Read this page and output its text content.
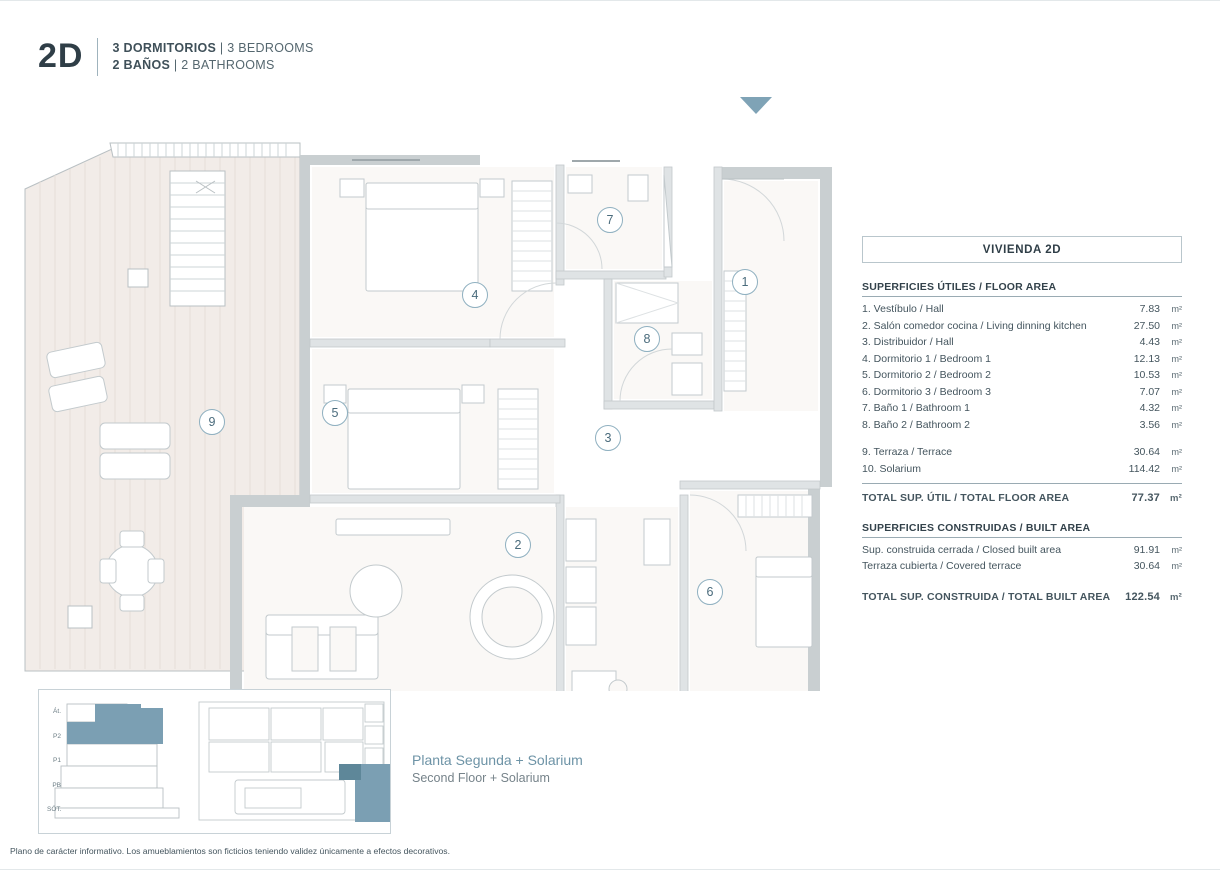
2D 3 DORMITORIOS | 3 BEDROOMS
2 BAÑOS | 2 BATHROOMS
1
2
3
4
5
6
7
8
9
VIVIENDA 2D
SUPERFICIES ÚTILES / FLOOR AREA
1. Vestíbulo / Hall	7.83	m²
2. Salón comedor cocina / Living dinning kitchen	27.50	m²
3. Distribuidor / Hall	4.43	m²
4. Dormitorio 1 / Bedroom 1	12.13	m²
5. Dormitorio 2 / Bedroom 2	10.53	m²
6. Dormitorio 3 / Bedroom 3	7.07	m²
7. Baño 1 / Bathroom 1	4.32	m²
8. Baño 2 / Bathroom 2	3.56	m²
9. Terraza / Terrace	30.64	m²
10. Solarium	114.42	m²
TOTAL SUP. ÚTIL / TOTAL FLOOR AREA	77.37	m²
SUPERFICIES CONSTRUIDAS / BUILT AREA
Sup. construida cerrada / Closed built area	91.91	m²
Terraza cubierta / Covered terrace	30.64	m²
TOTAL SUP. CONSTRUIDA / TOTAL BUILT AREA	122.54	m²
Át.
P2
P1
PB
SÓT.
Planta Segunda + Solarium
Second Floor + Solarium
Plano de carácter informativo. Los amueblamientos son ficticios teniendo validez únicamente a efectos decorativos.
